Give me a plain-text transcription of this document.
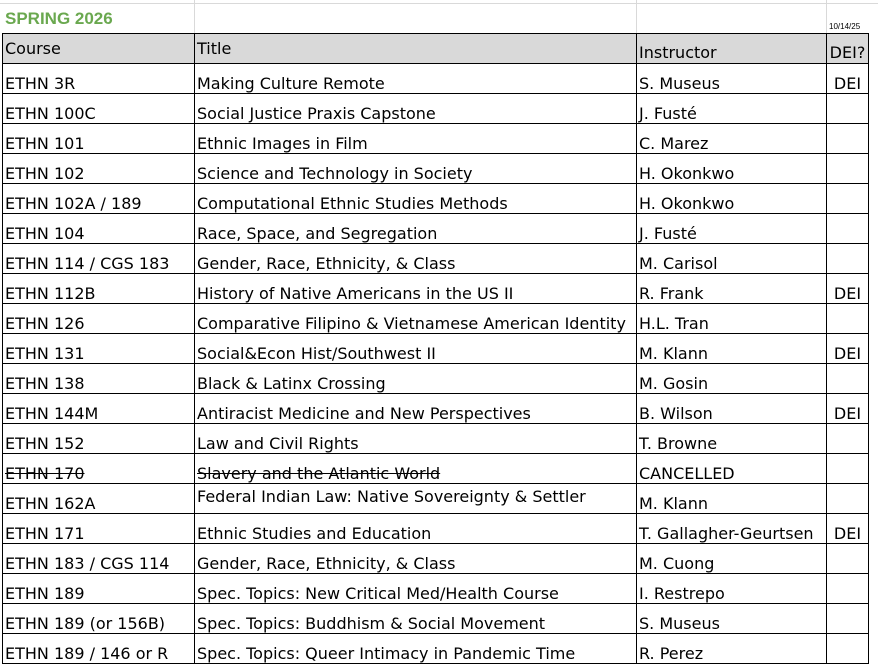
SPRING 2026	10/14/25
Course	Title	Instructor	DEI?
ETHN 3R	Making Culture Remote	S. Museus	DEI
ETHN 100C	Social Justice Praxis Capstone	J. Fusté	
ETHN 101	Ethnic Images in Film	C. Marez	
ETHN 102	Science and Technology in Society	H. Okonkwo	
ETHN 102A / 189	Computational Ethnic Studies Methods	H. Okonkwo	
ETHN 104	Race, Space, and Segregation	J. Fusté	
ETHN 114 / CGS 183	Gender, Race, Ethnicity, & Class	M. Carisol	
ETHN 112B	History of Native Americans in the US II	R. Frank	DEI
ETHN 126	Comparative Filipino & Vietnamese American Identity	H.L. Tran	
ETHN 131	Social&Econ Hist/Southwest II	M. Klann	DEI
ETHN 138	Black & Latinx Crossing	M. Gosin	
ETHN 144M	Antiracist Medicine and New Perspectives	B. Wilson	DEI
ETHN 152	Law and Civil Rights	T. Browne	
ETHN 170	Slavery and the Atlantic World	CANCELLED	
ETHN 162A	Federal Indian Law: Native Sovereignty & Settler	M. Klann	
ETHN 171	Ethnic Studies and Education	T. Gallagher-Geurtsen	DEI
ETHN 183 / CGS 114	Gender, Race, Ethnicity, & Class	M. Cuong	
ETHN 189	Spec. Topics: New Critical Med/Health Course	I. Restrepo	
ETHN 189 (or 156B)	Spec. Topics: Buddhism & Social Movement	S. Museus	
ETHN 189 / 146 or R	Spec. Topics: Queer Intimacy in Pandemic Time	R. Perez	
